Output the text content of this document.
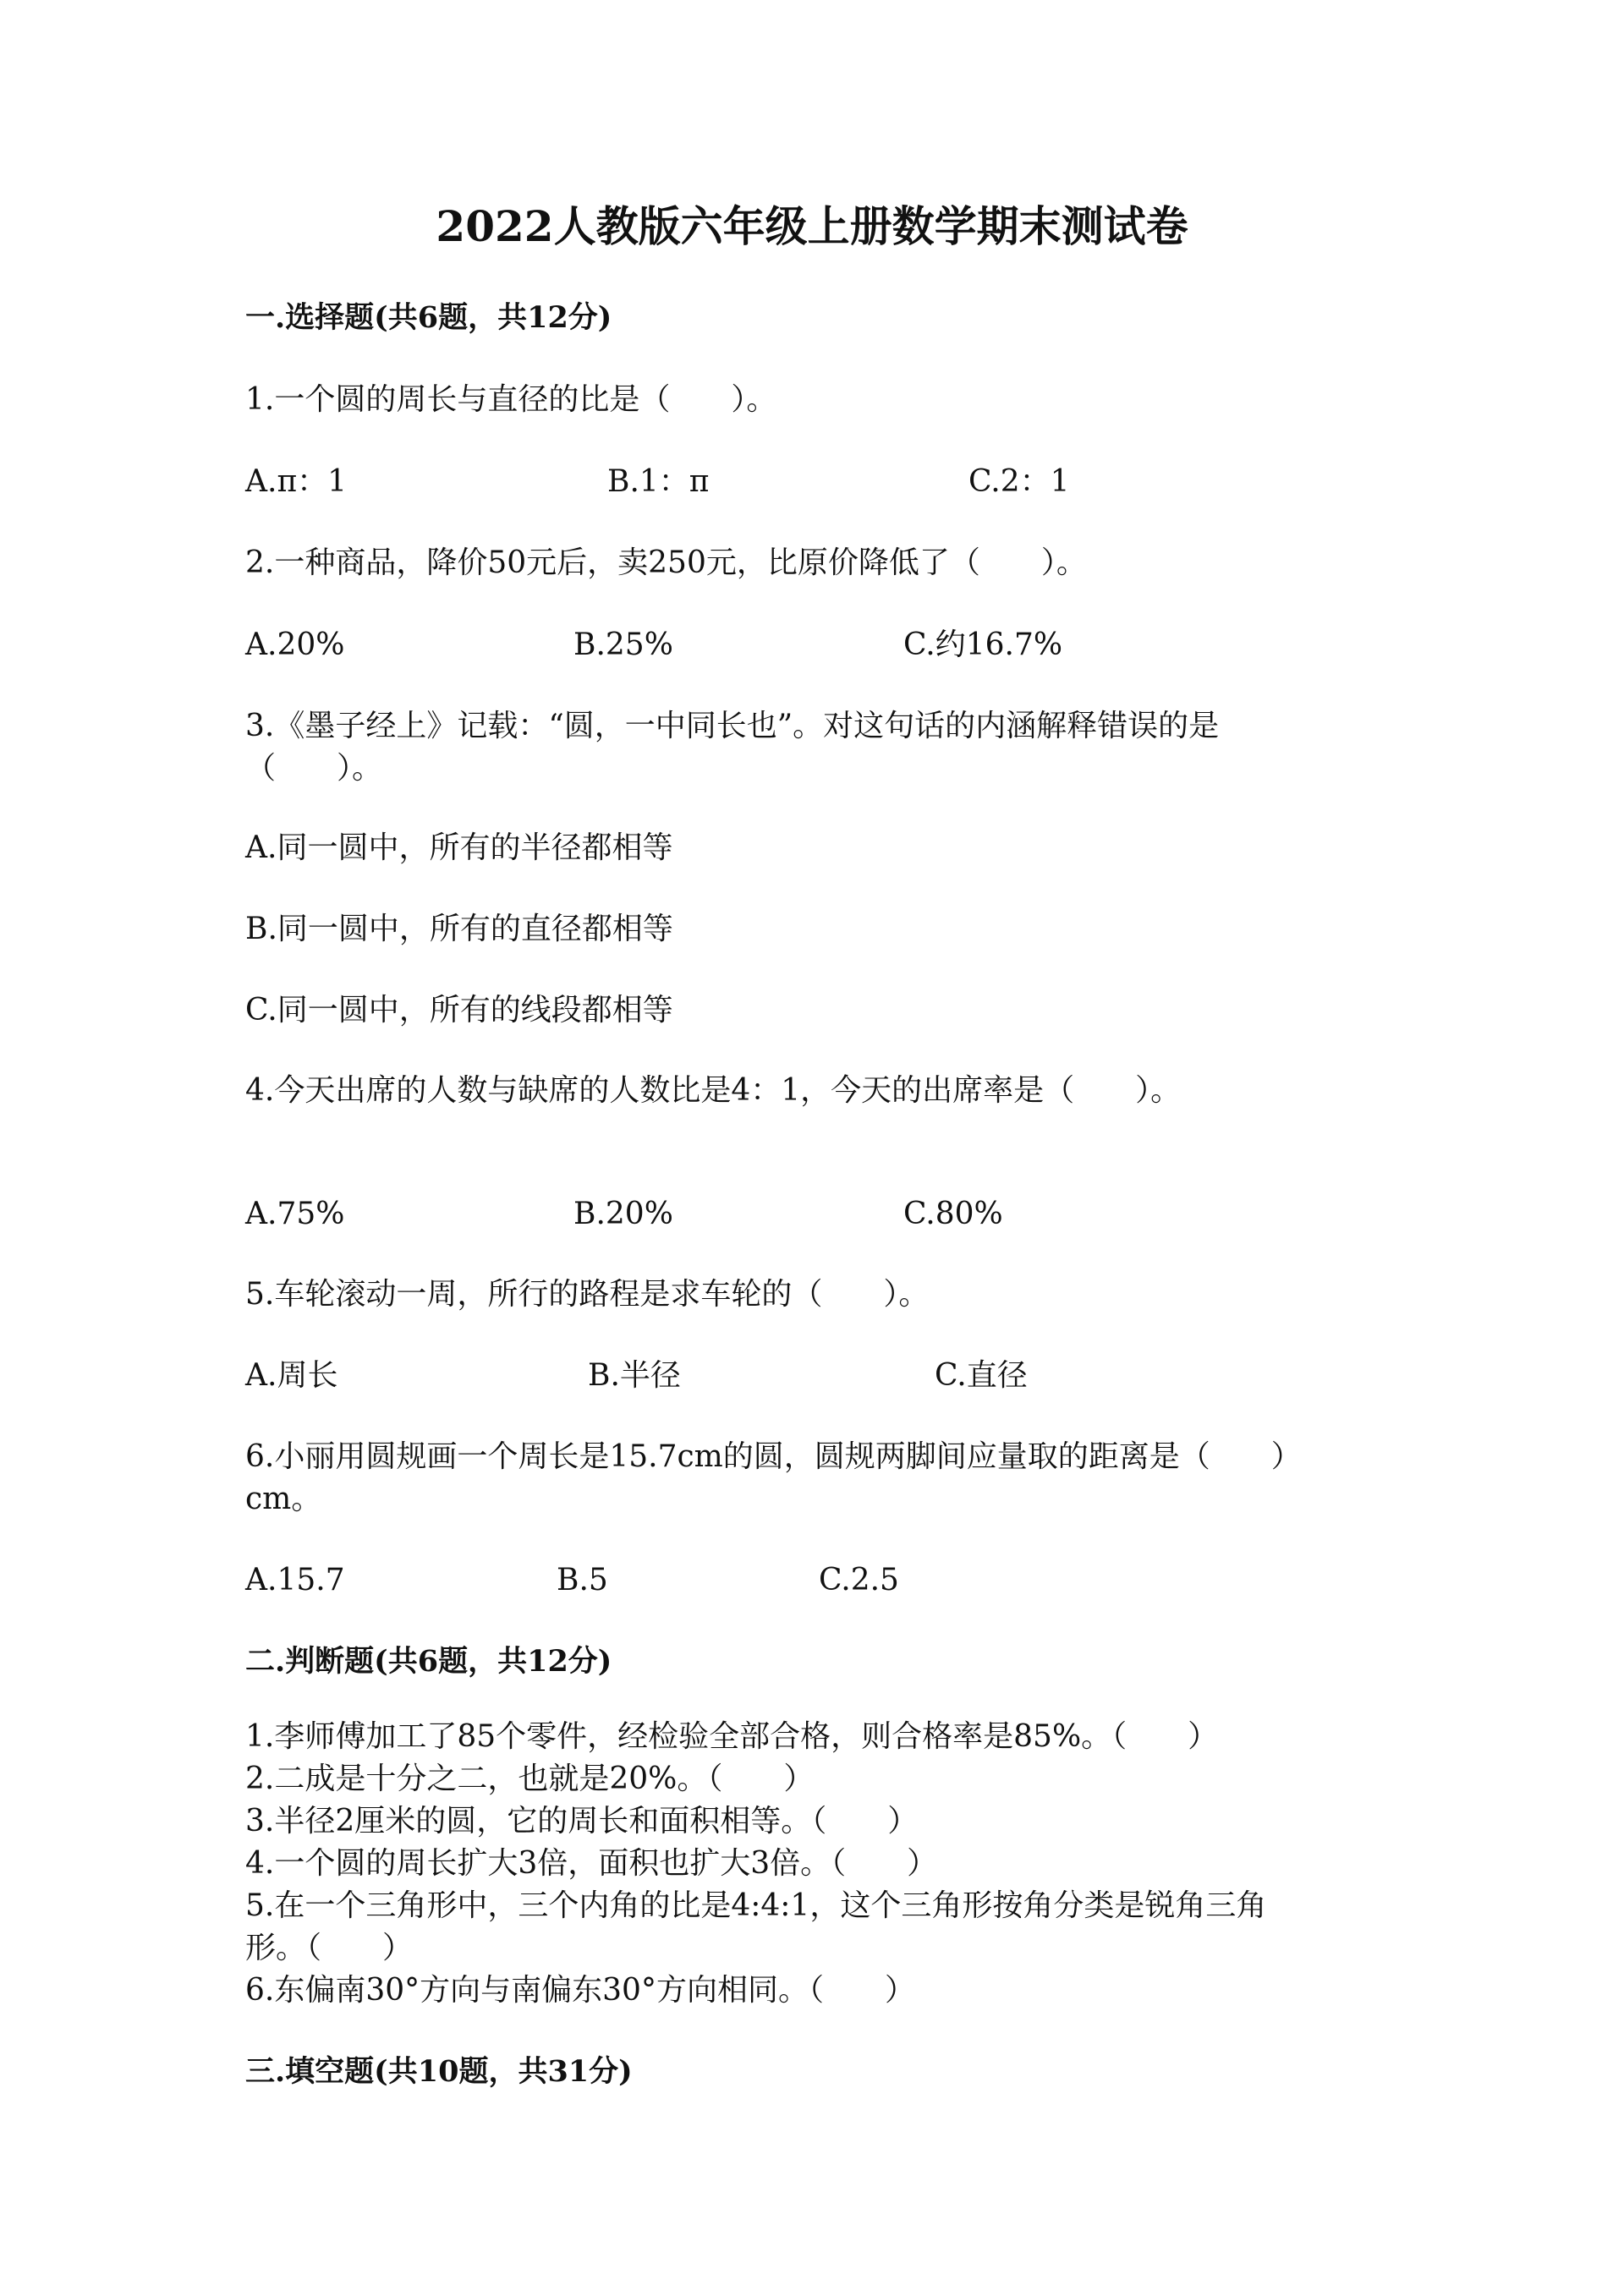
2022人教版六年级上册数学期末测试卷
一.选择题(共6题，共12分)
1.一个圆的周长与直径的比是（　　）。
A.π：1	B.1：π	C.2：1
2.一种商品，降价50元后，卖250元，比原价降低了（　　）。
A.20%	B.25%	C.约16.7%
3.《墨子经上》记载：“圆，一中同长也”。对这句话的内涵解释错误的是
（　　）。
A.同一圆中，所有的半径都相等
B.同一圆中，所有的直径都相等
C.同一圆中，所有的线段都相等
4.今天出席的人数与缺席的人数比是4：1，今天的出席率是（　　）。
A.75%	B.20%	C.80%
5.车轮滚动一周，所行的路程是求车轮的（　　）。
A.周长	B.半径	C.直径
6.小丽用圆规画一个周长是15.7cm的圆，圆规两脚间应量取的距离是（　　）
cm。
A.15.7	B.5	C.2.5
二.判断题(共6题，共12分)
1.李师傅加工了85个零件，经检验全部合格，则合格率是85%。（　　）
2.二成是十分之二，也就是20%。（　　）
3.半径2厘米的圆，它的周长和面积相等。（　　）
4.一个圆的周长扩大3倍，面积也扩大3倍。（　　）
5.在一个三角形中，三个内角的比是4:4:1，这个三角形按角分类是锐角三角
形。（　　）
6.东偏南30°方向与南偏东30°方向相同。（　　）
三.填空题(共10题，共31分)
